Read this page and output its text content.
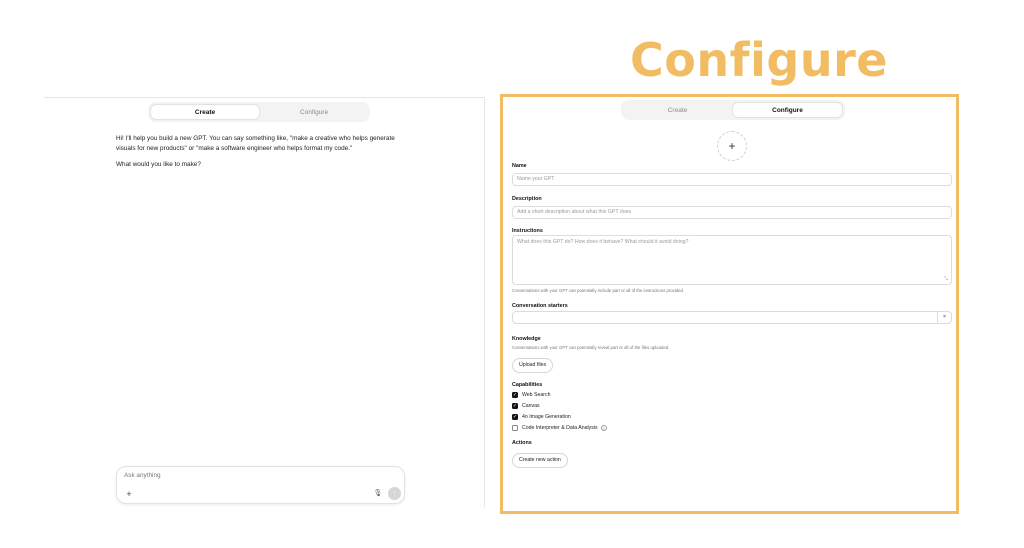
Configure
Create	Configure

Hi! I'll help you build a new GPT. You can say something like, "make a creative who helps generate visuals for new products" or "make a software engineer who helps format my code."

What would you like to make?

Ask anything
+	🎙	↑
Create	Configure
+
Name
Name your GPT
Description
Add a short description about what this GPT does
Instructions
What does this GPT do? How does it behave? What should it avoid doing?
⤡
Conversations with your GPT can potentially include part or all of the instructions provided.
Conversation starters
×
Knowledge
Conversations with your GPT can potentially reveal part or all of the files uploaded.
Upload files
Capabilities
✓ Web Search
✓ Canvas
✓ 4o Image Generation
Code Interpreter & Data Analysis	?
Actions
Create new action
